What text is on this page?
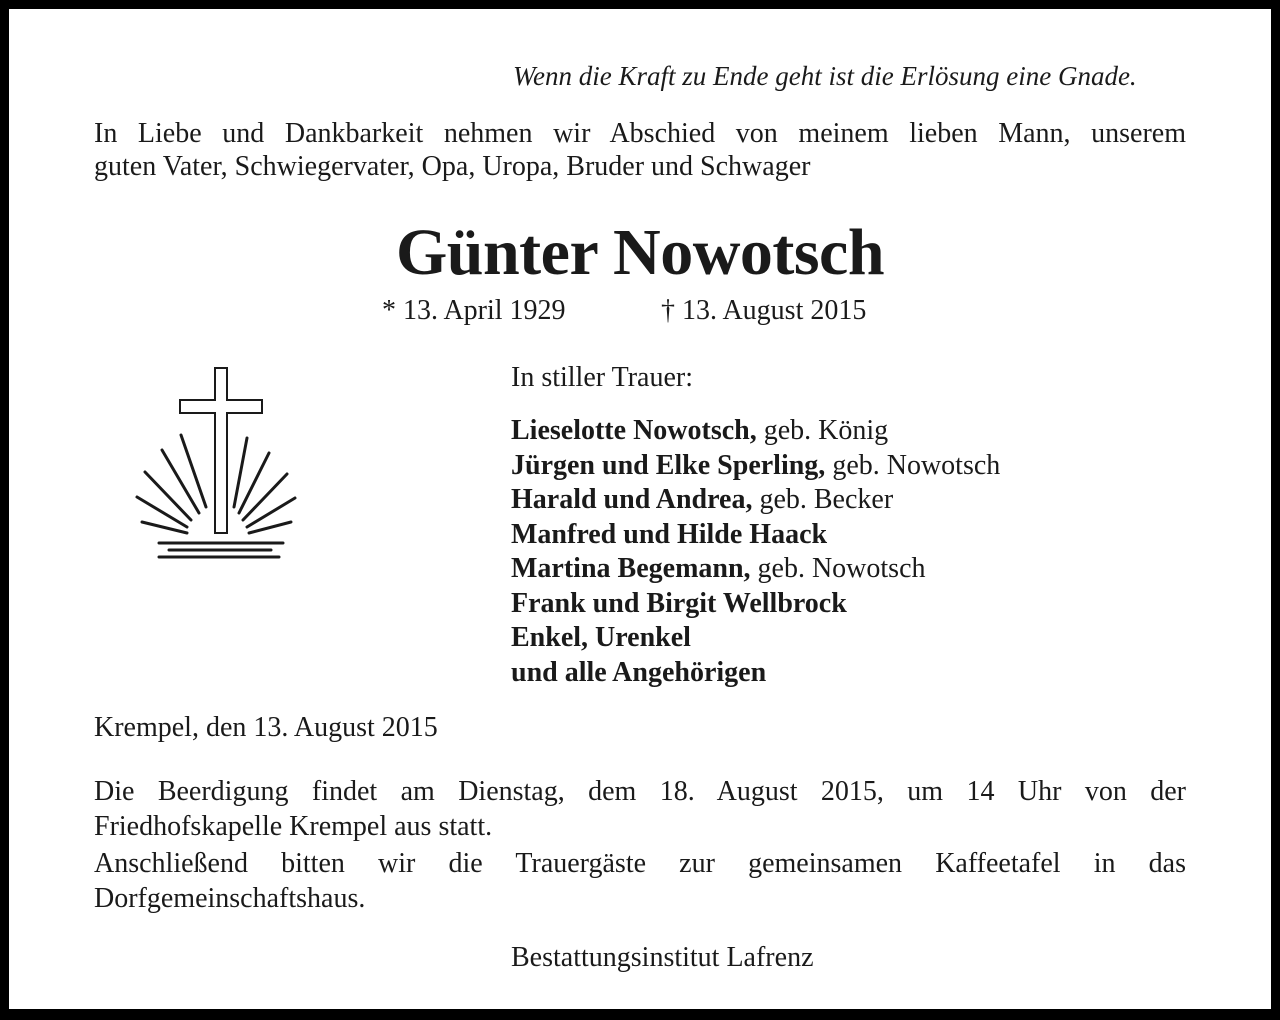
Wenn die Kraft zu Ende geht ist die Erlösung eine Gnade.
In Liebe und Dankbarkeit nehmen wir Abschied von meinem lieben Mann, unserem
guten Vater, Schwiegervater, Opa, Uropa, Bruder und Schwager
Günter Nowotsch
* 13. April 1929	† 13. August 2015
In stiller Trauer:
Lieselotte Nowotsch, geb. König
Jürgen und Elke Sperling, geb. Nowotsch
Harald und Andrea, geb. Becker
Manfred und Hilde Haack
Martina Begemann, geb. Nowotsch
Frank und Birgit Wellbrock
Enkel, Urenkel
und alle Angehörigen
Krempel, den 13. August 2015
Die Beerdigung findet am Dienstag, dem 18. August 2015, um 14 Uhr von der
Friedhofskapelle Krempel aus statt.
Anschließend bitten wir die Trauergäste zur gemeinsamen Kaffeetafel in das
Dorfgemeinschaftshaus.
Bestattungsinstitut Lafrenz
